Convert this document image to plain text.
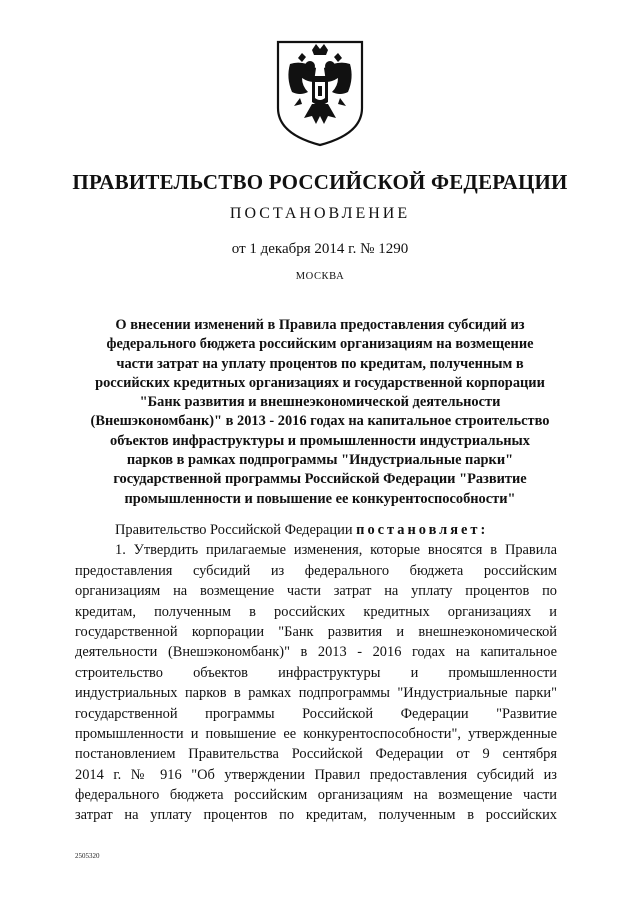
ПРАВИТЕЛЬСТВО РОССИЙСКОЙ ФЕДЕРАЦИИ
ПОСТАНОВЛЕНИЕ
от 1 декабря 2014 г. № 1290
МОСКВА
О внесении изменений в Правила предоставления субсидий из
федерального бюджета российским организациям на возмещение
части затрат на уплату процентов по кредитам, полученным в
российских кредитных организациях и государственной корпорации
"Банк развития и внешнеэкономической деятельности
(Внешэкономбанк)" в 2013 - 2016 годах на капитальное строительство
объектов инфраструктуры и промышленности индустриальных
парков в рамках подпрограммы "Индустриальные парки"
государственной программы Российской Федерации "Развитие
промышленности и повышение ее конкурентоспособности"
Правительство Российской Федерации постановляет:
1. Утвердить прилагаемые изменения, которые вносятся в Правила
предоставления субсидий из федерального бюджета российским
организациям на возмещение части затрат на уплату процентов по
кредитам, полученным в российских кредитных организациях и
государственной корпорации "Банк развития и внешнеэкономической
деятельности (Внешэкономбанк)" в 2013 - 2016 годах на капитальное
строительство объектов инфраструктуры и промышленности
индустриальных парков в рамках подпрограммы "Индустриальные парки"
государственной программы Российской Федерации "Развитие
промышленности и повышение ее конкурентоспособности", утвержденные
постановлением Правительства Российской Федерации от 9 сентября
2014 г. № 916 "Об утверждении Правил предоставления субсидий из
федерального бюджета российским организациям на возмещение части
затрат на уплату процентов по кредитам, полученным в российских
2505320
